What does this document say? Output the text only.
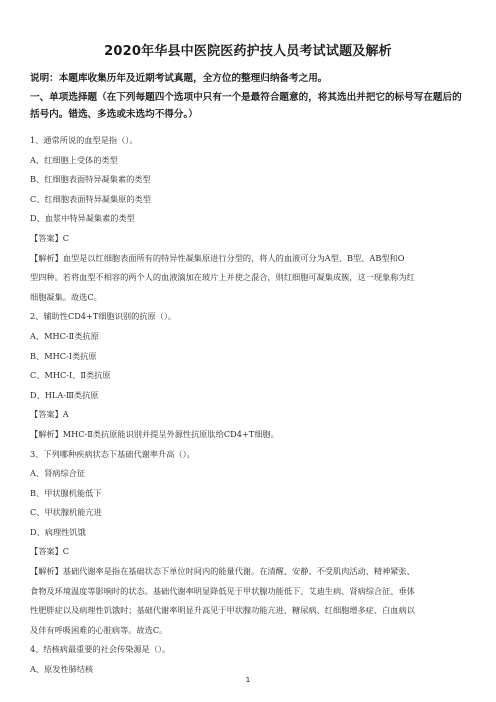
2020年华县中医院医药护技人员考试试题及解析
说明：本题库收集历年及近期考试真题，全方位的整理归纳备考之用。
一、单项选择题（在下列每题四个选项中只有一个是最符合题意的，将其选出并把它的标号写在题后的括号内。错选、多选或未选均不得分。）
1、通常所说的血型是指（）。
A、红细胞上受体的类型
B、红细胞表面特异凝集素的类型
C、红细胞表面特异凝集原的类型
D、血浆中特异凝集素的类型
【答案】C
【解析】血型是以红细胞表面所有的特异性凝集原进行分型的，将人的血液可分为A型、B型、AB型和O
型四种。若将血型不相容的两个人的血液滴加在玻片上并使之混合，则红细胞可凝集成簇，这一现象称为红
细胞凝集。故选C。
2、辅助性CD4+T细胞识别的抗原（）。
A、MHC-Ⅱ类抗原
B、MHC-Ⅰ类抗原
C、MHC-Ⅰ、Ⅱ类抗原
D、HLA-Ⅲ类抗原
【答案】A
【解析】MHC-Ⅱ类抗原能识别并提呈外源性抗原肽给CD4+T细胞。
3、下列哪种疾病状态下基础代谢率升高（）。
A、肾病综合征
B、甲状腺机能低下
C、甲状腺机能亢进
D、病理性饥饿
【答案】C
【解析】基础代谢率是指在基础状态下单位时间内的能量代谢。在清醒、安静、不受肌肉活动、精神紧张、
食物及环境温度等影响时的状态。基础代谢率明显降低见于甲状腺功能低下、艾迪生病、肾病综合征、垂体
性肥胖症以及病理性饥饿时；基础代谢率明显升高见于甲状腺功能亢进、糖尿病、红细胞增多症、白血病以
及伴有呼吸困难的心脏病等。故选C。
4、结核病最重要的社会传染源是（）。
A、原发性肺结核
1
